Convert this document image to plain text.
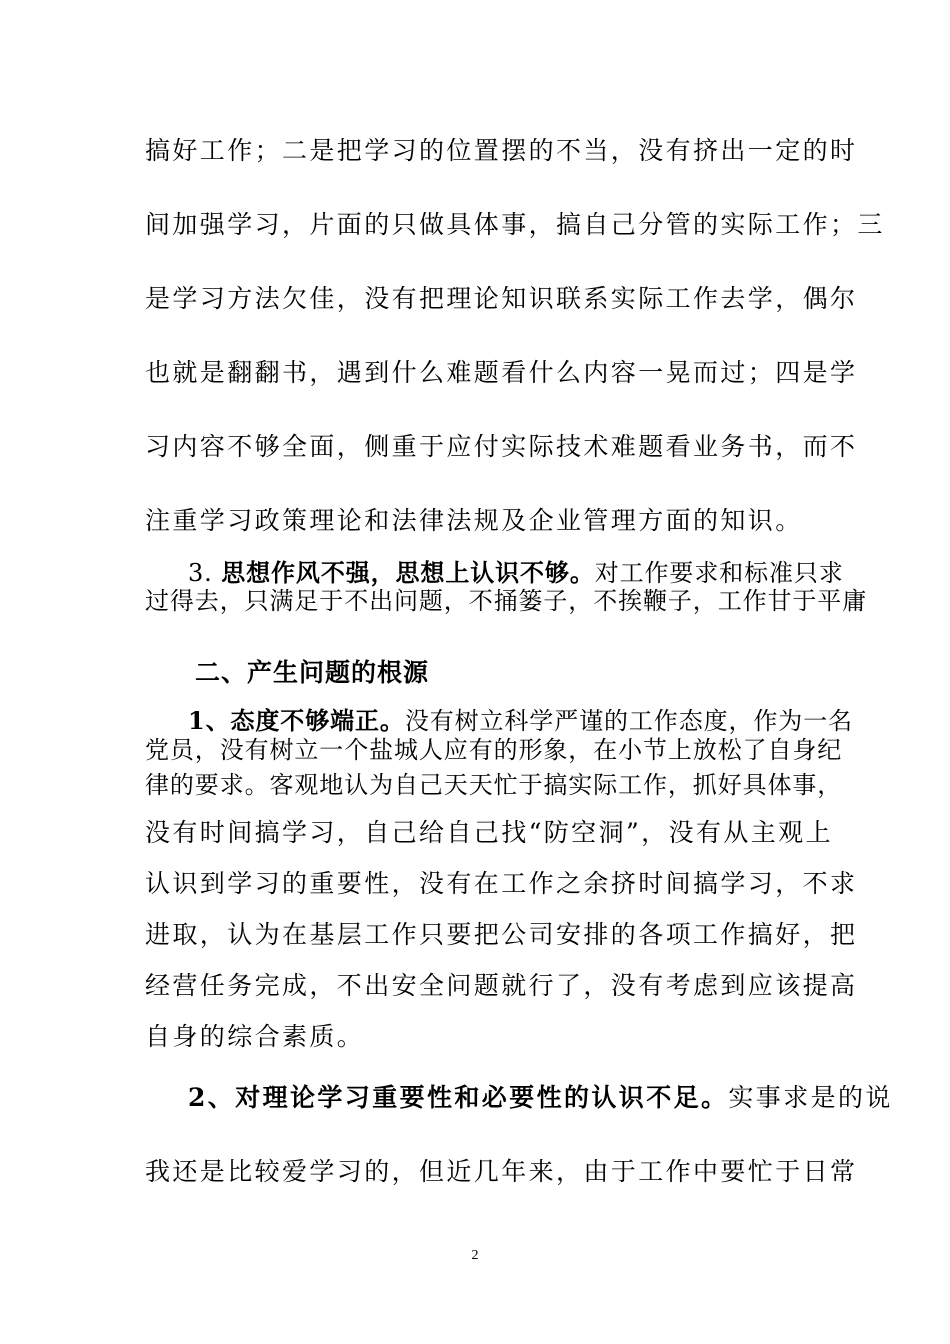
搞好工作；二是把学习的位置摆的不当，没有挤出一定的时
间加强学习，片面的只做具体事，搞自己分管的实际工作；三
是学习方法欠佳，没有把理论知识联系实际工作去学，偶尔
也就是翻翻书，遇到什么难题看什么内容一晃而过；四是学
习内容不够全面，侧重于应付实际技术难题看业务书，而不
注重学习政策理论和法律法规及企业管理方面的知识。
3. 思想作风不强，思想上认识不够。对工作要求和标准只求
过得去，只满足于不出问题，不捅篓子，不挨鞭子，工作甘于平庸
二、产生问题的根源
1、态度不够端正。没有树立科学严谨的工作态度，作为一名
党员，没有树立一个盐城人应有的形象，在小节上放松了自身纪
律的要求。客观地认为自己天天忙于搞实际工作，抓好具体事，
没有时间搞学习，自己给自己找“防空洞”，没有从主观上
认识到学习的重要性，没有在工作之余挤时间搞学习，不求
进取，认为在基层工作只要把公司安排的各项工作搞好，把
经营任务完成，不出安全问题就行了，没有考虑到应该提高
自身的综合素质。
2、对理论学习重要性和必要性的认识不足。实事求是的说
我还是比较爱学习的，但近几年来，由于工作中要忙于日常
2
